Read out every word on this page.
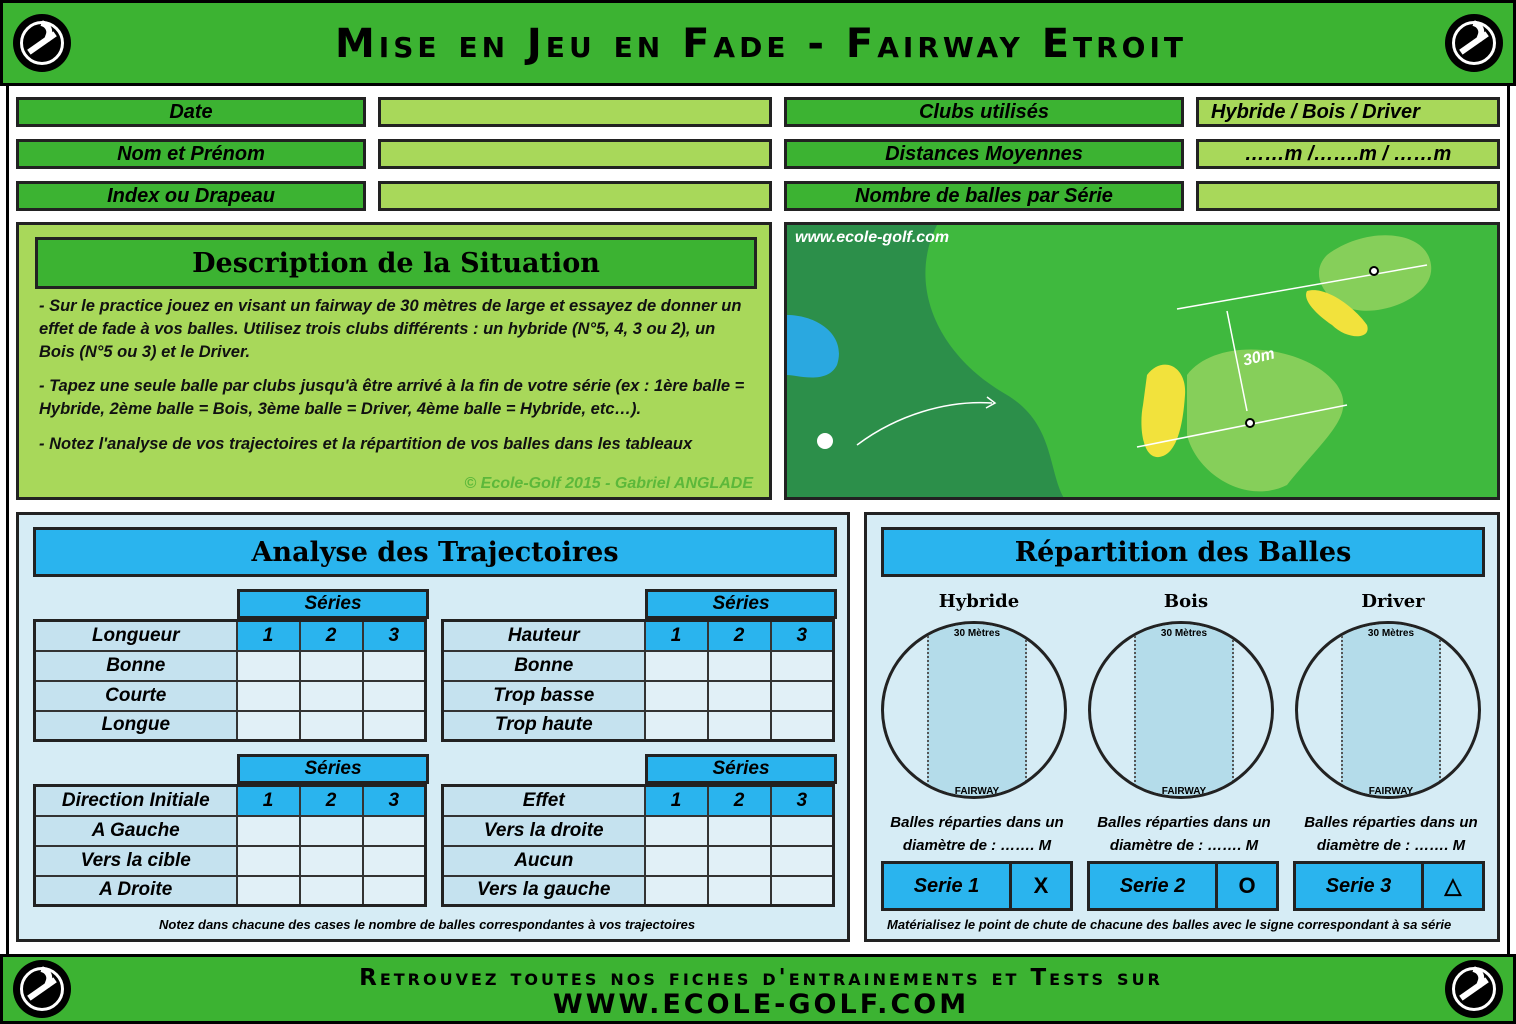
Mise en Jeu en Fade - Fairway Etroit
Date
Nom et Prénom
Index ou Drapeau
Clubs utilisés	Hybride / Bois / Driver
Distances Moyennes	……m /…….m / ……m
Nombre de balles par Série
Description de la Situation
- Sur le practice jouez en visant un fairway de 30 mètres de large et essayez de donner un effet de fade à vos balles. Utilisez trois clubs différents : un hybride (N°5, 4, 3 ou 2), un Bois (N°5 ou 3) et le Driver.
- Tapez une seule balle par clubs jusqu'à être arrivé à la fin de votre série (ex : 1ère balle = Hybride, 2ème balle = Bois, 3ème balle = Driver, 4ème balle = Hybride, etc…).
- Notez l'analyse de vos trajectoires et la répartition de vos balles dans les tableaux
© Ecole-Golf 2015 - Gabriel ANGLADE
www.ecole-golf.com
30m
Analyse des Trajectoires
Séries
Longueur	1	2	3
Bonne			
Courte			
Longue			
Séries
Hauteur	1	2	3
Bonne			
Trop basse			
Trop haute			
Séries
Direction Initiale	1	2	3
A Gauche			
Vers la cible			
A Droite			
Séries
Effet	1	2	3
Vers la droite			
Aucun			
Vers la gauche			
Notez dans chacune des cases le nombre de balles correspondantes à vos trajectoires
Répartition des Balles
Hybride
30 Mètres
FAIRWAY
Balles réparties dans un
diamètre de : ……. M
Serie 1	X
Bois
30 Mètres
FAIRWAY
Balles réparties dans un
diamètre de : ……. M
Serie 2	O
Driver
30 Mètres
FAIRWAY
Balles réparties dans un
diamètre de : ……. M
Serie 3	△
Matérialisez le point de chute de chacune des balles avec le signe correspondant à sa série
Retrouvez toutes nos fiches d'entrainements et Tests sur
WWW.ECOLE-GOLF.COM
